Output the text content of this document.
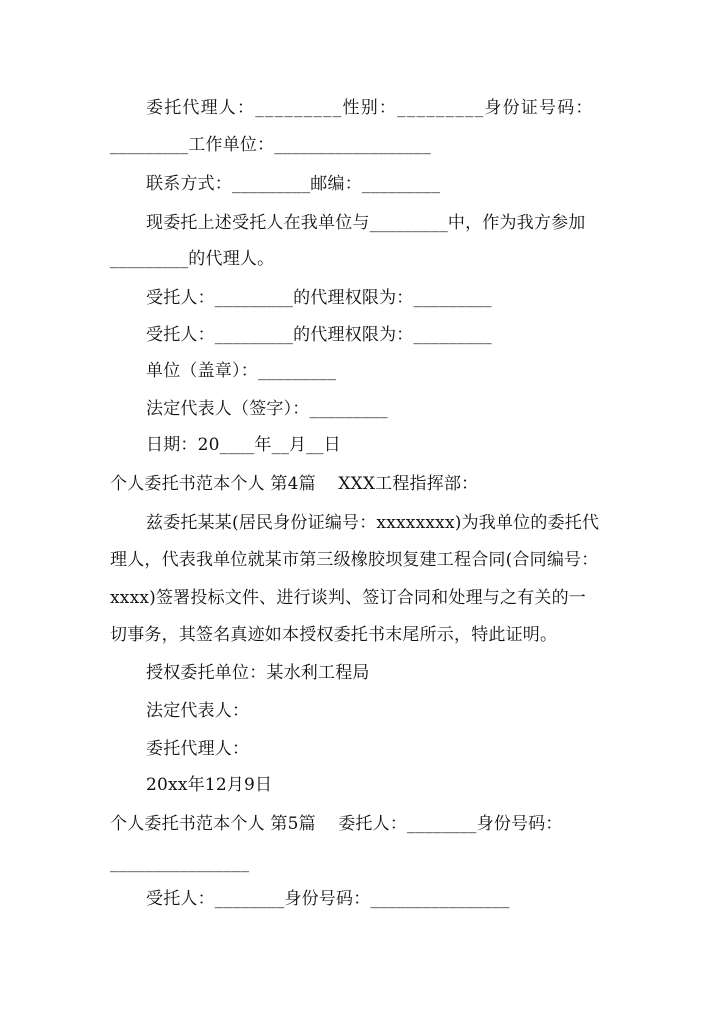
委托代理人：_________性别：_________身份证号码：
_________工作单位：__________________
联系方式：_________邮编：_________
现委托上述受托人在我单位与_________中，作为我方参加
_________的代理人。
受托人：_________的代理权限为：_________
受托人：_________的代理权限为：_________
单位（盖章）：_________
法定代表人（签字）：_________
日期：20____年__月__日
个人委托书范本个人 第4篇    XXX工程指挥部：
兹委托某某(居民身份证编号：xxxxxxxx)为我单位的委托代
理人，代表我单位就某市第三级橡胶坝复建工程合同(合同编号：
xxxx)签署投标文件、进行谈判、签订合同和处理与之有关的一
切事务，其签名真迹如本授权委托书末尾所示，特此证明。
授权委托单位：某水利工程局
法定代表人：
委托代理人：
20xx年12月9日
个人委托书范本个人 第5篇    委托人：________身份号码：
________________
受托人：________身份号码：________________
